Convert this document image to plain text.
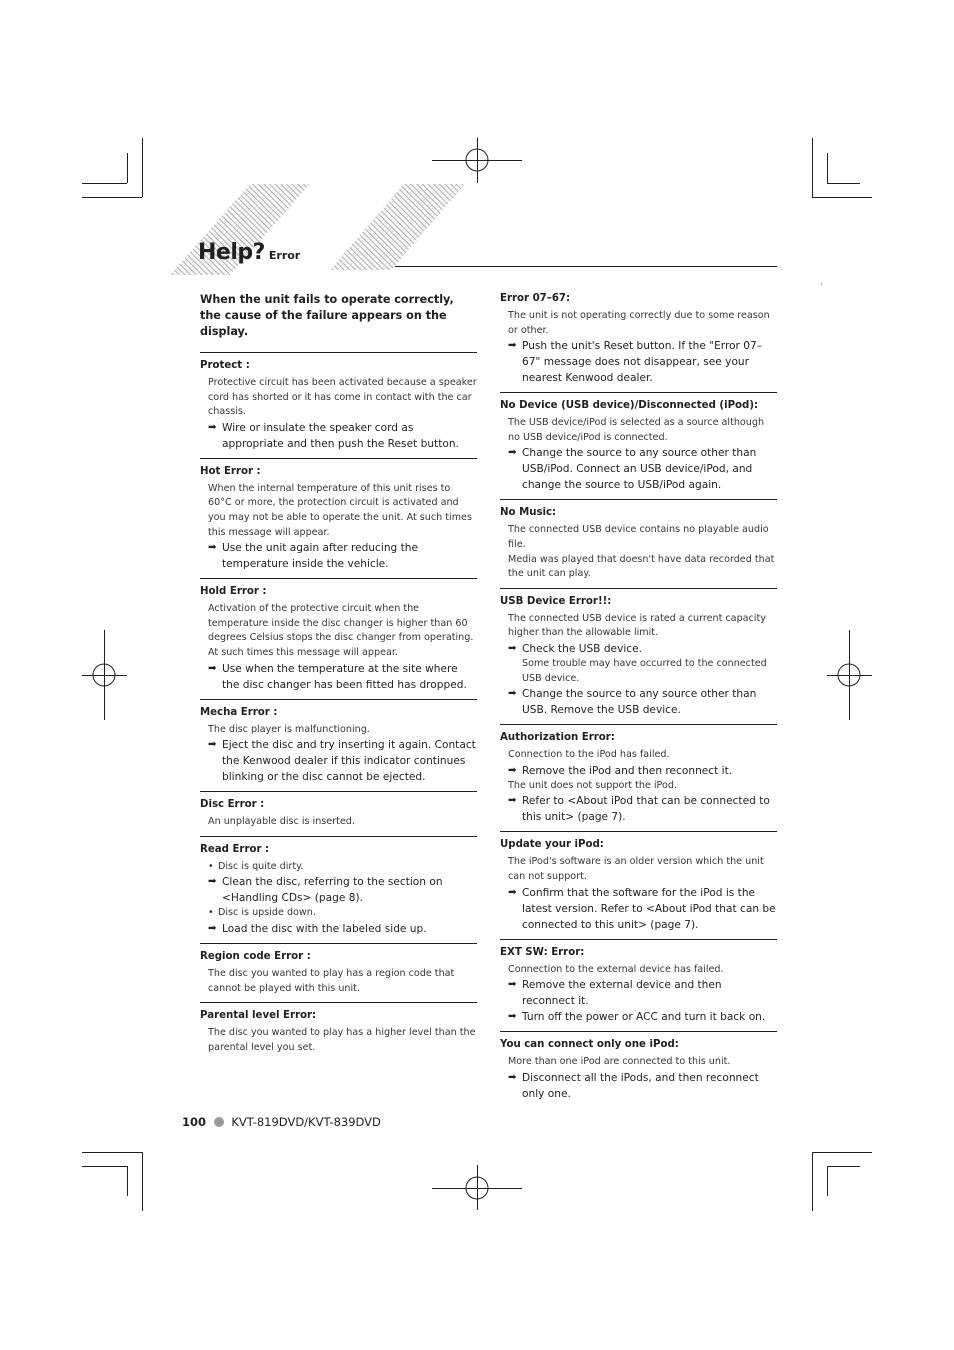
Help? Error
‹
When the unit fails to operate correctly, the cause of the failure appears on the display.
Protect :
Protective circuit has been activated because a speaker cord has shorted or it has come in contact with the car chassis.
➡ Wire or insulate the speaker cord as appropriate and then push the Reset button.
Hot Error :
When the internal temperature of this unit rises to 60°C or more, the protection circuit is activated and you may not be able to operate the unit. At such times this message will appear.
➡ Use the unit again after reducing the temperature inside the vehicle.
Hold Error :
Activation of the protective circuit when the temperature inside the disc changer is higher than 60 degrees Celsius stops the disc changer from operating. At such times this message will appear.
➡ Use when the temperature at the site where the disc changer has been fitted has dropped.
Mecha Error :
The disc player is malfunctioning.
➡ Eject the disc and try inserting it again. Contact the Kenwood dealer if this indicator continues blinking or the disc cannot be ejected.
Disc Error :
An unplayable disc is inserted.
Read Error :
• Disc is quite dirty.
➡ Clean the disc, referring to the section on <Handling CDs> (page 8).
• Disc is upside down.
➡ Load the disc with the labeled side up.
Region code Error :
The disc you wanted to play has a region code that cannot be played with this unit.
Parental level Error:
The disc you wanted to play has a higher level than the parental level you set.
Error 07–67:
The unit is not operating correctly due to some reason or other.
➡ Push the unit's Reset button. If the "Error 07–67" message does not disappear, see your nearest Kenwood dealer.
No Device (USB device)/Disconnected (iPod):
The USB device/iPod is selected as a source although no USB device/iPod is connected.
➡ Change the source to any source other than USB/iPod. Connect an USB device/iPod, and change the source to USB/iPod again.
No Music:
The connected USB device contains no playable audio file.
Media was played that doesn't have data recorded that the unit can play.
USB Device Error!!:
The connected USB device is rated a current capacity higher than the allowable limit.
➡ Check the USB device.
Some trouble may have occurred to the connected USB device.
➡ Change the source to any source other than USB. Remove the USB device.
Authorization Error:
Connection to the iPod has failed.
➡ Remove the iPod and then reconnect it.
The unit does not support the iPod.
➡ Refer to <About iPod that can be connected to this unit> (page 7).
Update your iPod:
The iPod's software is an older version which the unit can not support.
➡ Confirm that the software for the iPod is the latest version. Refer to <About iPod that can be connected to this unit> (page 7).
EXT SW: Error:
Connection to the external device has failed.
➡ Remove the external device and then reconnect it.
➡ Turn off the power or ACC and turn it back on.
You can connect only one iPod:
More than one iPod are connected to this unit.
➡ Disconnect all the iPods, and then reconnect only one.
100 KVT-819DVD/KVT-839DVD
